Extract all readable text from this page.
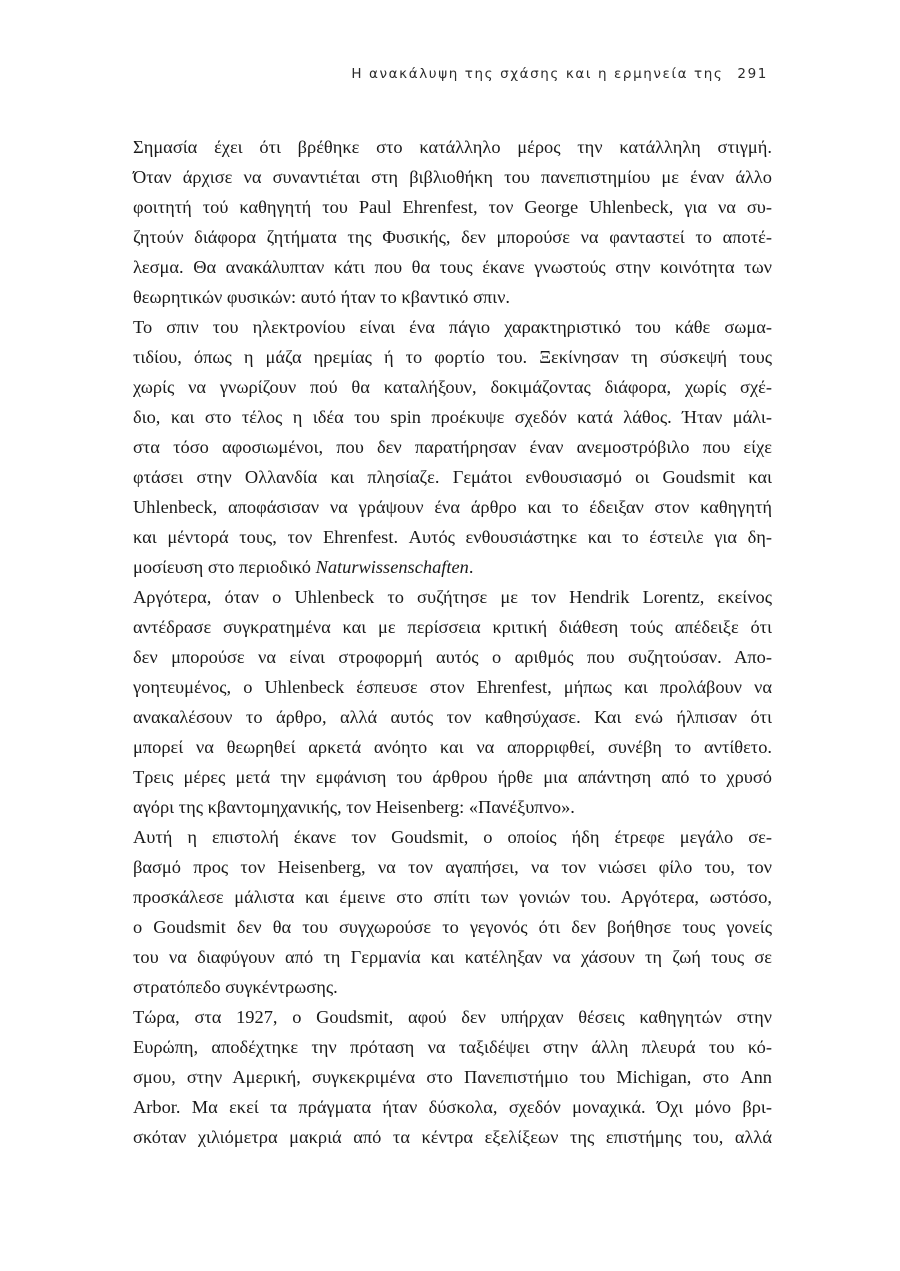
Η ανακάλυψη της σχάσης και η ερμηνεία της 291
Σημασία έχει ότι βρέθηκε στο κατάλληλο μέρος την κατάλληλη στιγμή.
Όταν άρχισε να συναντιέται στη βιβλιοθήκη του πανεπιστημίου με έναν άλλο
φοιτητή τού καθηγητή του Paul Ehrenfest, τον George Uhlenbeck, για να συ-
ζητούν διάφορα ζητήματα της Φυσικής, δεν μπορούσε να φανταστεί το αποτέ-
λεσμα. Θα ανακάλυπταν κάτι που θα τους έκανε γνωστούς στην κοινότητα των
θεωρητικών φυσικών: αυτό ήταν το κβαντικό σπιν.
Το σπιν του ηλεκτρονίου είναι ένα πάγιο χαρακτηριστικό του κάθε σωμα-
τιδίου, όπως η μάζα ηρεμίας ή το φορτίο του. Ξεκίνησαν τη σύσκεψή τους
χωρίς να γνωρίζουν πού θα καταλήξουν, δοκιμάζοντας διάφορα, χωρίς σχέ-
διο, και στο τέλος η ιδέα του spin προέκυψε σχεδόν κατά λάθος. Ήταν μάλι-
στα τόσο αφοσιωμένοι, που δεν παρατήρησαν έναν ανεμοστρόβιλο που είχε
φτάσει στην Ολλανδία και πλησίαζε. Γεμάτοι ενθουσιασμό οι Goudsmit και
Uhlenbeck, αποφάσισαν να γράψουν ένα άρθρο και το έδειξαν στον καθηγητή
και μέντορά τους, τον Ehrenfest. Αυτός ενθουσιάστηκε και το έστειλε για δη-
μοσίευση στο περιοδικό Naturwissenschaften.
Αργότερα, όταν ο Uhlenbeck το συζήτησε με τον Hendrik Lorentz, εκείνος
αντέδρασε συγκρατημένα και με περίσσεια κριτική διάθεση τούς απέδειξε ότι
δεν μπορούσε να είναι στροφορμή αυτός ο αριθμός που συζητούσαν. Απο-
γοητευμένος, ο Uhlenbeck έσπευσε στον Ehrenfest, μήπως και προλάβουν να
ανακαλέσουν το άρθρο, αλλά αυτός τον καθησύχασε. Και ενώ ήλπισαν ότι
μπορεί να θεωρηθεί αρκετά ανόητο και να απορριφθεί, συνέβη το αντίθετο.
Τρεις μέρες μετά την εμφάνιση του άρθρου ήρθε μια απάντηση από το χρυσό
αγόρι της κβαντομηχανικής, τον Heisenberg: «Πανέξυπνο».
Αυτή η επιστολή έκανε τον Goudsmit, ο οποίος ήδη έτρεφε μεγάλο σε-
βασμό προς τον Heisenberg, να τον αγαπήσει, να τον νιώσει φίλο του, τον
προσκάλεσε μάλιστα και έμεινε στο σπίτι των γονιών του. Αργότερα, ωστόσο,
ο Goudsmit δεν θα του συγχωρούσε το γεγονός ότι δεν βοήθησε τους γονείς
του να διαφύγουν από τη Γερμανία και κατέληξαν να χάσουν τη ζωή τους σε
στρατόπεδο συγκέντρωσης.
Τώρα, στα 1927, ο Goudsmit, αφού δεν υπήρχαν θέσεις καθηγητών στην
Ευρώπη, αποδέχτηκε την πρόταση να ταξιδέψει στην άλλη πλευρά του κό-
σμου, στην Αμερική, συγκεκριμένα στο Πανεπιστήμιο του Michigan, στο Ann
Arbor. Μα εκεί τα πράγματα ήταν δύσκολα, σχεδόν μοναχικά. Όχι μόνο βρι-
σκόταν χιλιόμετρα μακριά από τα κέντρα εξελίξεων της επιστήμης του, αλλά
